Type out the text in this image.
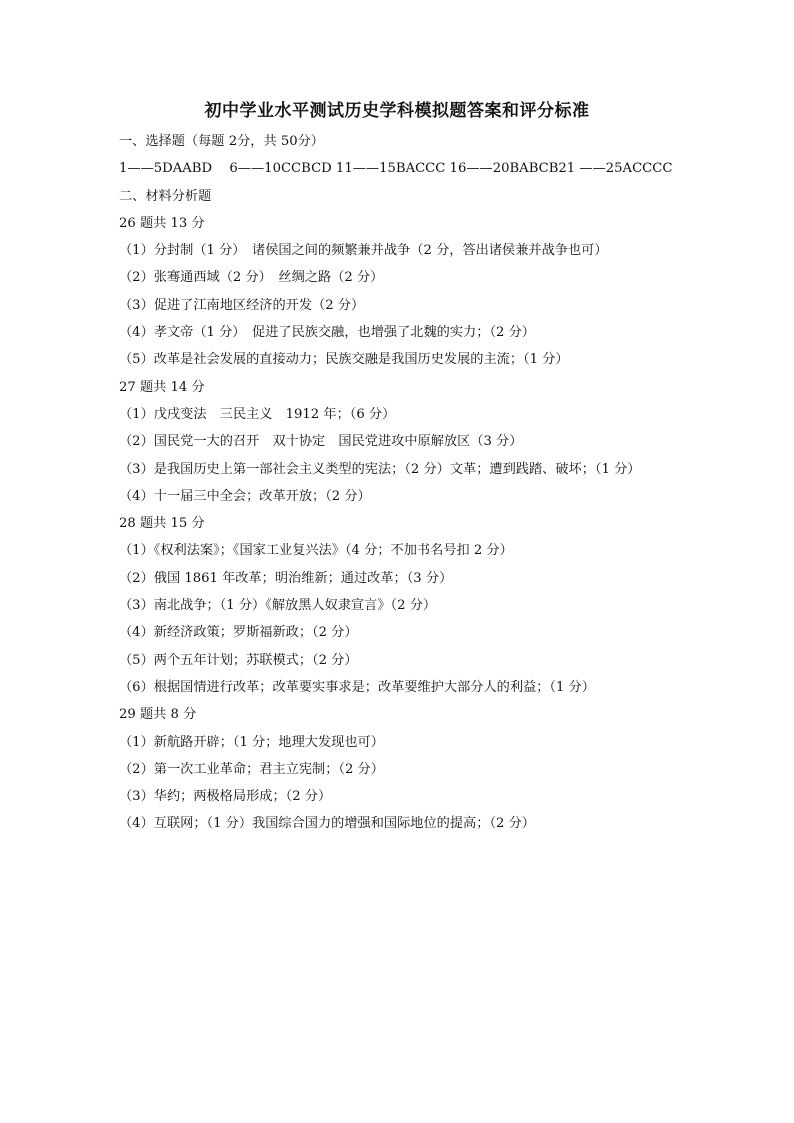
初中学业水平测试历史学科模拟题答案和评分标准
一、选择题（每题 2分，共 50分）
1——5DAABD　 6——10CCBCD 11——15BACCC 16——20BABCB21 ——25ACCCC
二、材料分析题
26 题共 13 分
（1）分封制（1 分）　诸侯国之间的频繁兼并战争（2 分，答出诸侯兼并战争也可）
（2）张骞通西域（2 分）　丝绸之路（2 分）
（3）促进了江南地区经济的开发（2 分）
（4）孝文帝（1 分）　促进了民族交融，也增强了北魏的实力；（2 分）
（5）改革是社会发展的直接动力；民族交融是我国历史发展的主流；（1 分）
27 题共 14 分
（1）戊戌变法　三民主义　1912 年；（6 分）
（2）国民党一大的召开　双十协定　国民党进攻中原解放区（3 分）
（3）是我国历史上第一部社会主义类型的宪法；（2 分）文革；遭到践踏、破坏；（1 分）
（4）十一届三中全会；改革开放；（2 分）
28 题共 15 分
（1）《权利法案》；《国家工业复兴法》（4 分；不加书名号扣 2 分）
（2）俄国 1861 年改革；明治维新；通过改革；（3 分）
（3）南北战争；（1 分）《解放黑人奴隶宣言》（2 分）
（4）新经济政策；罗斯福新政；（2 分）
（5）两个五年计划；苏联模式；（2 分）
（6）根据国情进行改革；改革要实事求是；改革要维护大部分人的利益；（1 分）
29 题共 8 分
（1）新航路开辟；（1 分；地理大发现也可）
（2）第一次工业革命；君主立宪制；（2 分）
（3）华约；两极格局形成；（2 分）
（4）互联网；（1 分）我国综合国力的增强和国际地位的提高；（2 分）
